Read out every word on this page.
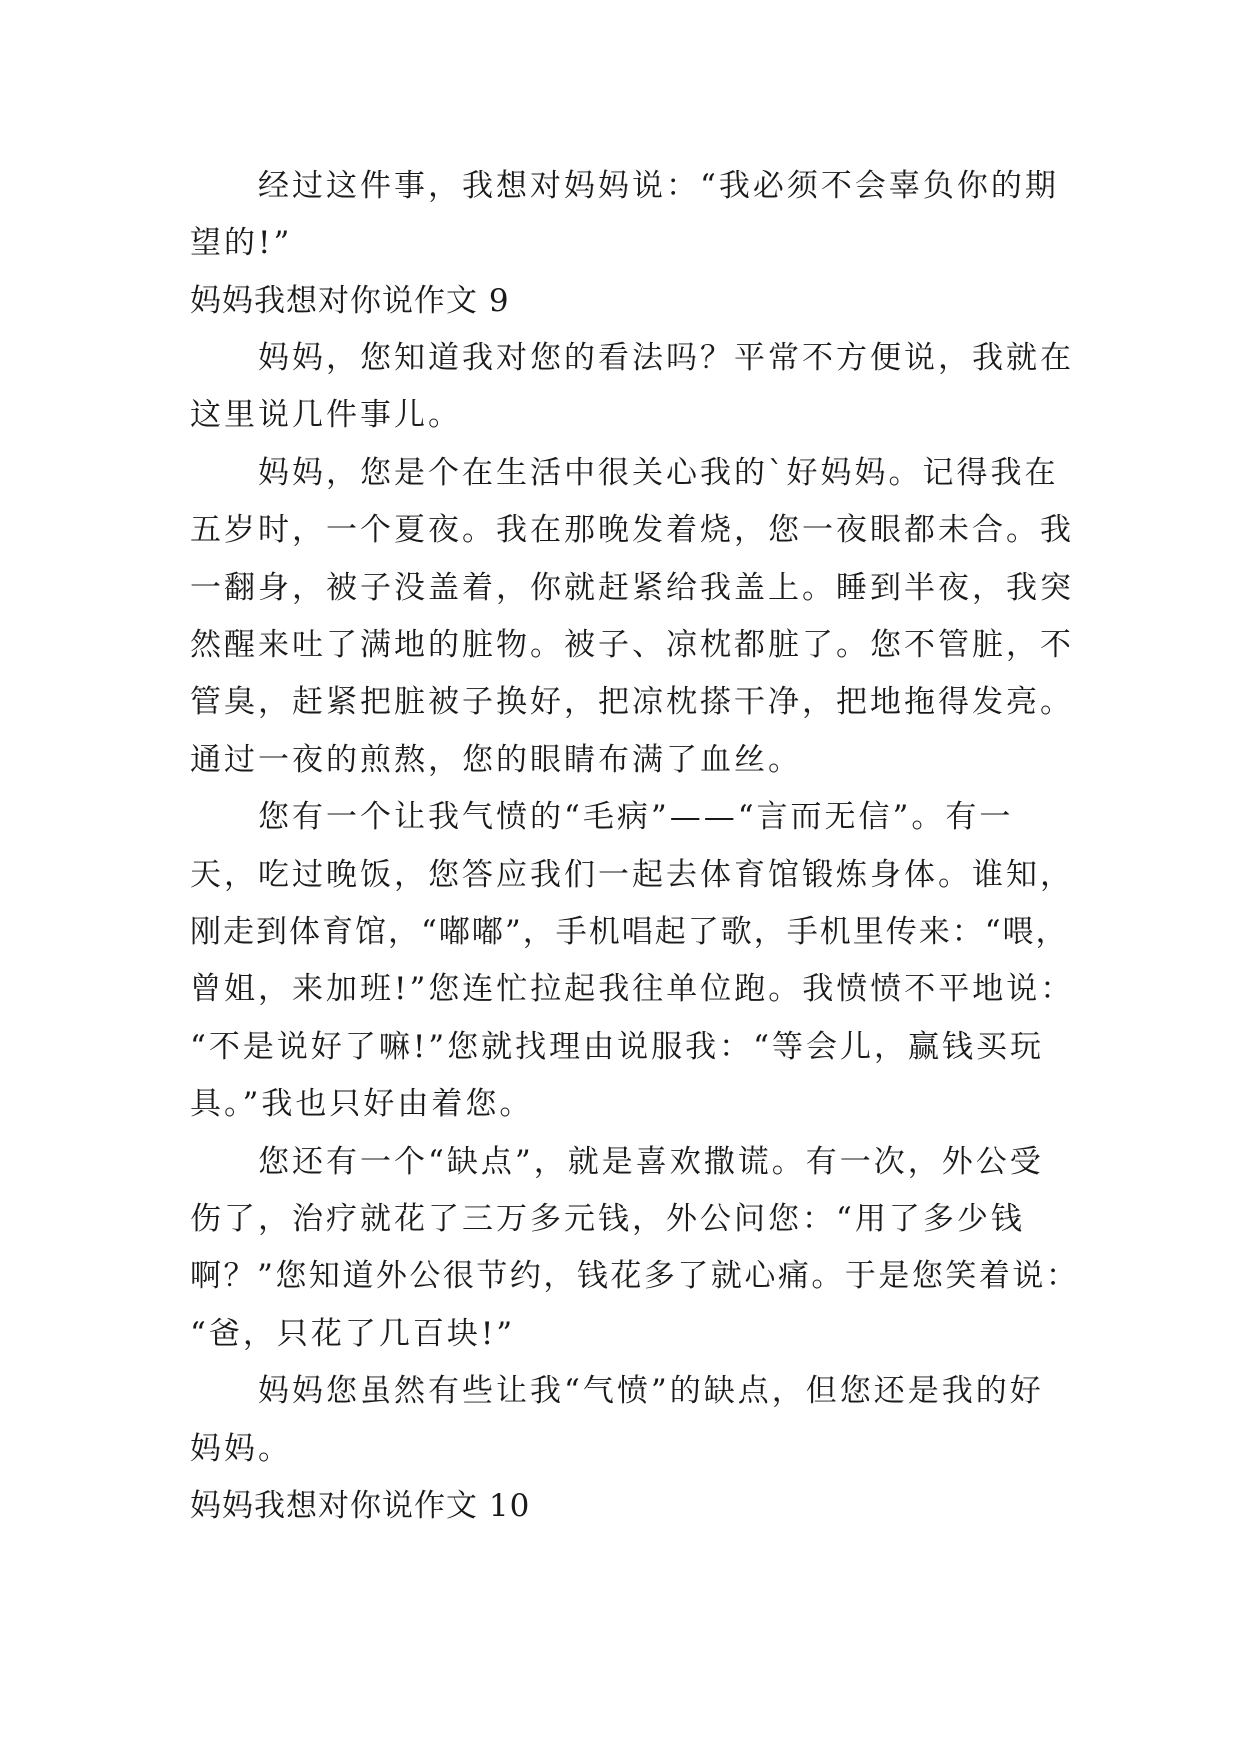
经过这件事，我想对妈妈说：“我必须不会辜负你的期
望的!”
妈妈我想对你说作文 9
妈妈，您知道我对您的看法吗？平常不方便说，我就在
这里说几件事儿。
妈妈，您是个在生活中很关心我的`好妈妈。记得我在
五岁时，一个夏夜。我在那晚发着烧，您一夜眼都未合。我
一翻身，被子没盖着，你就赶紧给我盖上。睡到半夜，我突
然醒来吐了满地的脏物。被子、凉枕都脏了。您不管脏，不
管臭，赶紧把脏被子换好，把凉枕搽干净，把地拖得发亮。
通过一夜的煎熬，您的眼睛布满了血丝。
您有一个让我气愤的“毛病”——“言而无信”。有一
天，吃过晚饭，您答应我们一起去体育馆锻炼身体。谁知，
刚走到体育馆，“嘟嘟”，手机唱起了歌，手机里传来：“喂，
曾姐，来加班!”您连忙拉起我往单位跑。我愤愤不平地说：
“不是说好了嘛!”您就找理由说服我：“等会儿，赢钱买玩
具。”我也只好由着您。
您还有一个“缺点”，就是喜欢撒谎。有一次，外公受
伤了，治疗就花了三万多元钱，外公问您：“用了多少钱
啊？”您知道外公很节约，钱花多了就心痛。于是您笑着说：
“爸，只花了几百块!”
妈妈您虽然有些让我“气愤”的缺点，但您还是我的好
妈妈。
妈妈我想对你说作文 10
